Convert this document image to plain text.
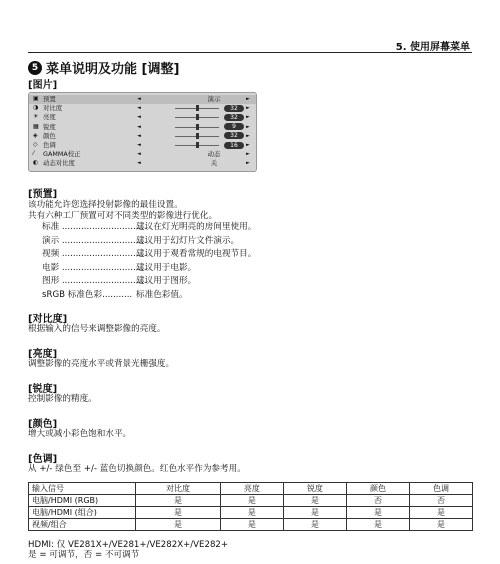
5. 使用屏幕菜单
5 菜单说明及功能 [调整]
[图片]
▣ 预置	◄	演示	►
◑ 对比度	◄	32	►
☀ 亮度	◄	32	►
▦ 锐度	◄	9	►
◈ 颜色	◄	32	►
◇ 色调	◄	16	►
⁄	GAMMA校正	◄	动态	►
◐ 动态对比度	◄	关	►
[预置]
该功能允许您选择投射影像的最佳设置。
共有六种工厂预置可对不同类型的影像进行优化。
标准 ...............................建议在灯光明亮的房间里使用。
演示 ...............................建议用于幻灯片文件演示。
视频 ...............................建议用于观看常规的电视节目。
电影 ...............................建议用于电影。
图形 ...............................建议用于图形。
sRGB 标准色彩........... 标准色彩值。
[对比度]
根据输入的信号来调整影像的亮度。
[亮度]
调整影像的亮度水平或背景光栅强度。
[锐度]
控制影像的精度。
[颜色]
增大或减小彩色饱和水平。
[色调]
从 +/- 绿色至 +/- 蓝色切换颜色。红色水平作为参考用。
输入信号	对比度	亮度	锐度	颜色	色调
电脑/HDMI (RGB)	是	是	是	否	否
电脑/HDMI (组合)	是	是	是	是	是
视频/组合	是	是	是	是	是
HDMI: 仅 VE281X+/VE281+/VE282X+/VE282+
是 = 可调节，否 = 不可调节
